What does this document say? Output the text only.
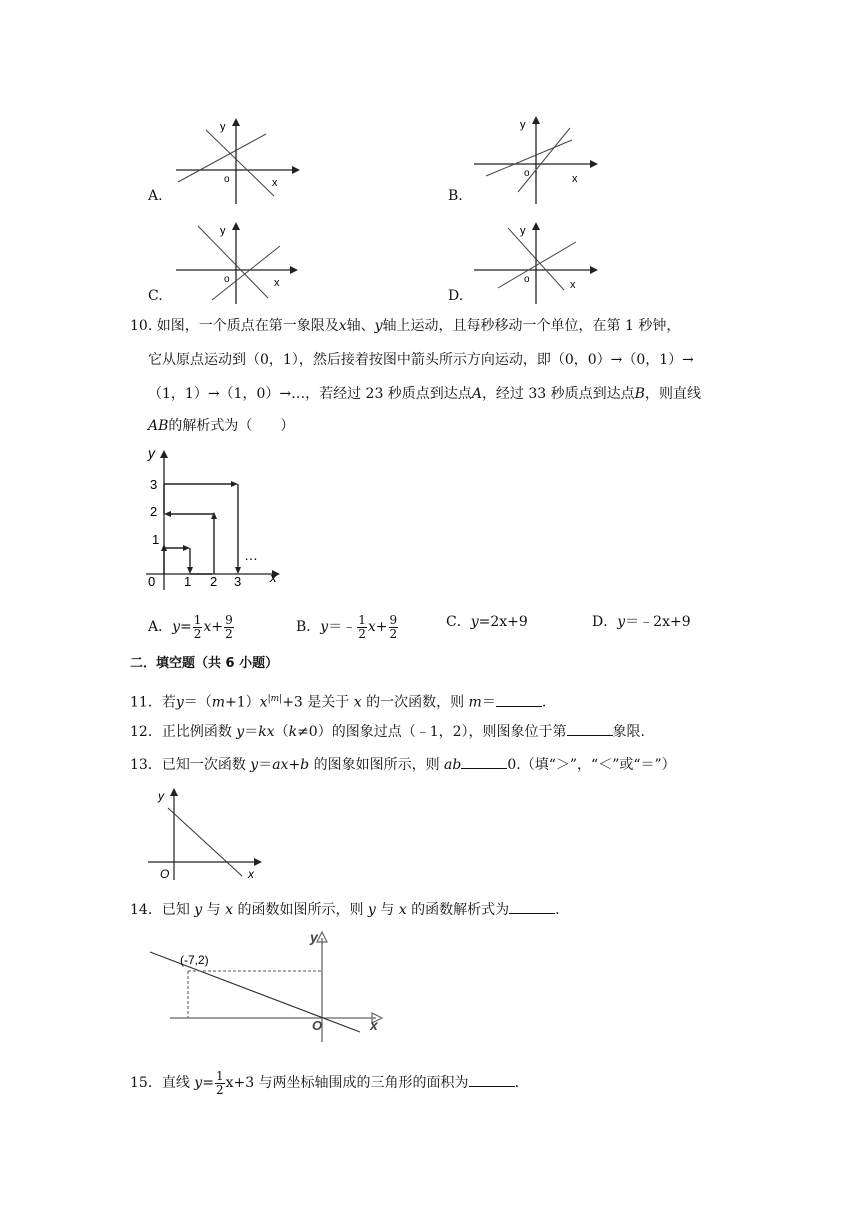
A.
y
x
o
B.
y
x
o
C.
y
x
o
D.
y
x
o
10. 如图，一个质点在第一象限及x轴、y轴上运动，且每秒移动一个单位，在第 1 秒钟，
它从原点运动到（0，1），然后接着按图中箭头所示方向运动，即（0，0）→（0，1）→
（1，1）→（1，0）→…，若经过 23 秒质点到达点A，经过 33 秒质点到达点B，则直线
AB的解析式为（　　）
y
x
0 1 2 3
1
2
3
…
A．$y= \frac{1}{2} x+ \frac{9}{2}$	B．y＝﹣ $\frac{1}{2} x+ \frac{9}{2}$	C．y=2x+9	D．y＝﹣2x+9
二．填空题（共 6 小题）
11．若$y=(m+1)x^{|m|}+3$ 是关于 x 的一次函数，则 m＝	.
12．正比例函数 y＝kx（k≠0）的图象过点（﹣1，2），则图象位于第	象限.
13．已知一次函数 y＝ax+b 的图象如图所示，则 ab	0.（填“＞”，“＜”或“＝”）
y
x
O
14．已知 y 与 x 的函数如图所示，则 y 与 x 的函数解析式为	.
(-7,2)
y
x
O
15．直线 $y= \frac{1}{2} x+3$ 与两坐标轴围成的三角形的面积为	.
